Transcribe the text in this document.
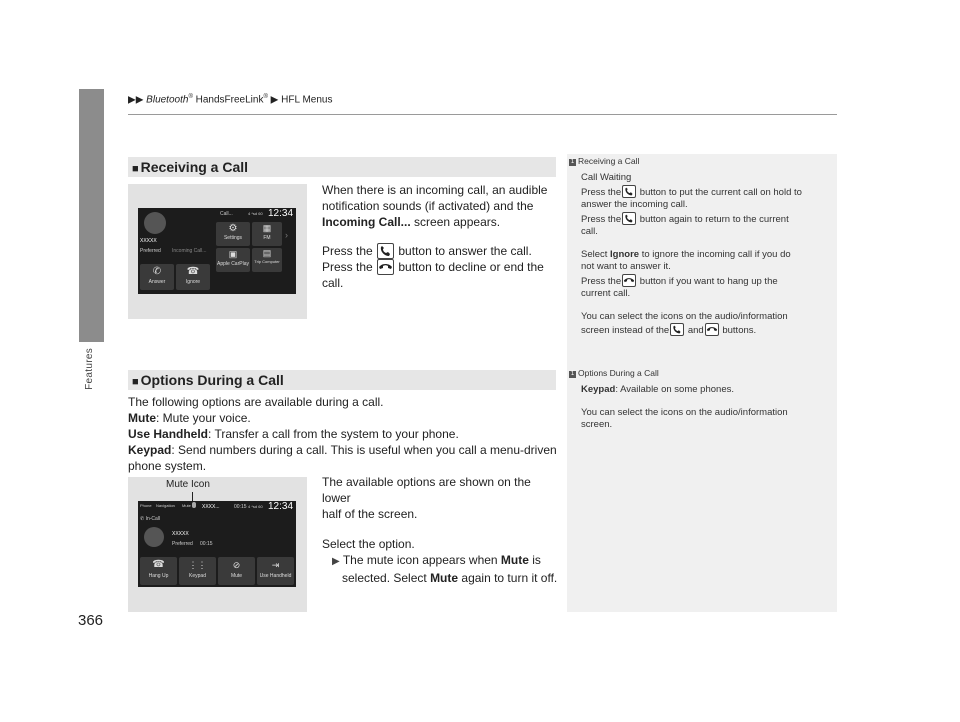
▶▶ Bluetooth® HandsFreeLink® ▶ HFL Menus
Features
■ Receiving a Call
Call...	4 *sd 60 12:34
XXXXX
Preferred Incoming Call...
⚙
Settings
▦
FM	›
▣
Apple CarPlay
▤
Trip Computer
✆
Answer
☎
Ignore
When there is an incoming call, an audible
notification sounds (if activated) and the
Incoming Call... screen appears.
Press the  button to answer the call.
Press the  button to decline or end the
call.
1 Receiving a Call
Call Waiting
Press the button to put the current call on hold to
answer the incoming call.
Press the button again to return to the current
call.
Select Ignore to ignore the incoming call if you do
not want to answer it.
Press the button if you want to hang up the
current call.
You can select the icons on the audio/information
screen instead of the and buttons.
1 Options During a Call
Keypad: Available on some phones.
You can select the icons on the audio/information
screen.
■ Options During a Call
The following options are available during a call.
Mute: Mute your voice.
Use Handheld: Transfer a call from the system to your phone.
Keypad: Send numbers during a call. This is useful when you call a menu-driven
phone system.
Mute Icon
Phone Navigation Mute XXXX...	00:15 4 *sd 60 12:34
✆ In-Call
XXXXX
Preferred 00:15
☎
Hang Up
⋮⋮
Keypad
⊘
Mute
⇥
Use Handheld
The available options are shown on the lower
half of the screen.
Select the option.
▶ The mute icon appears when Mute is
selected. Select Mute again to turn it off.
366
